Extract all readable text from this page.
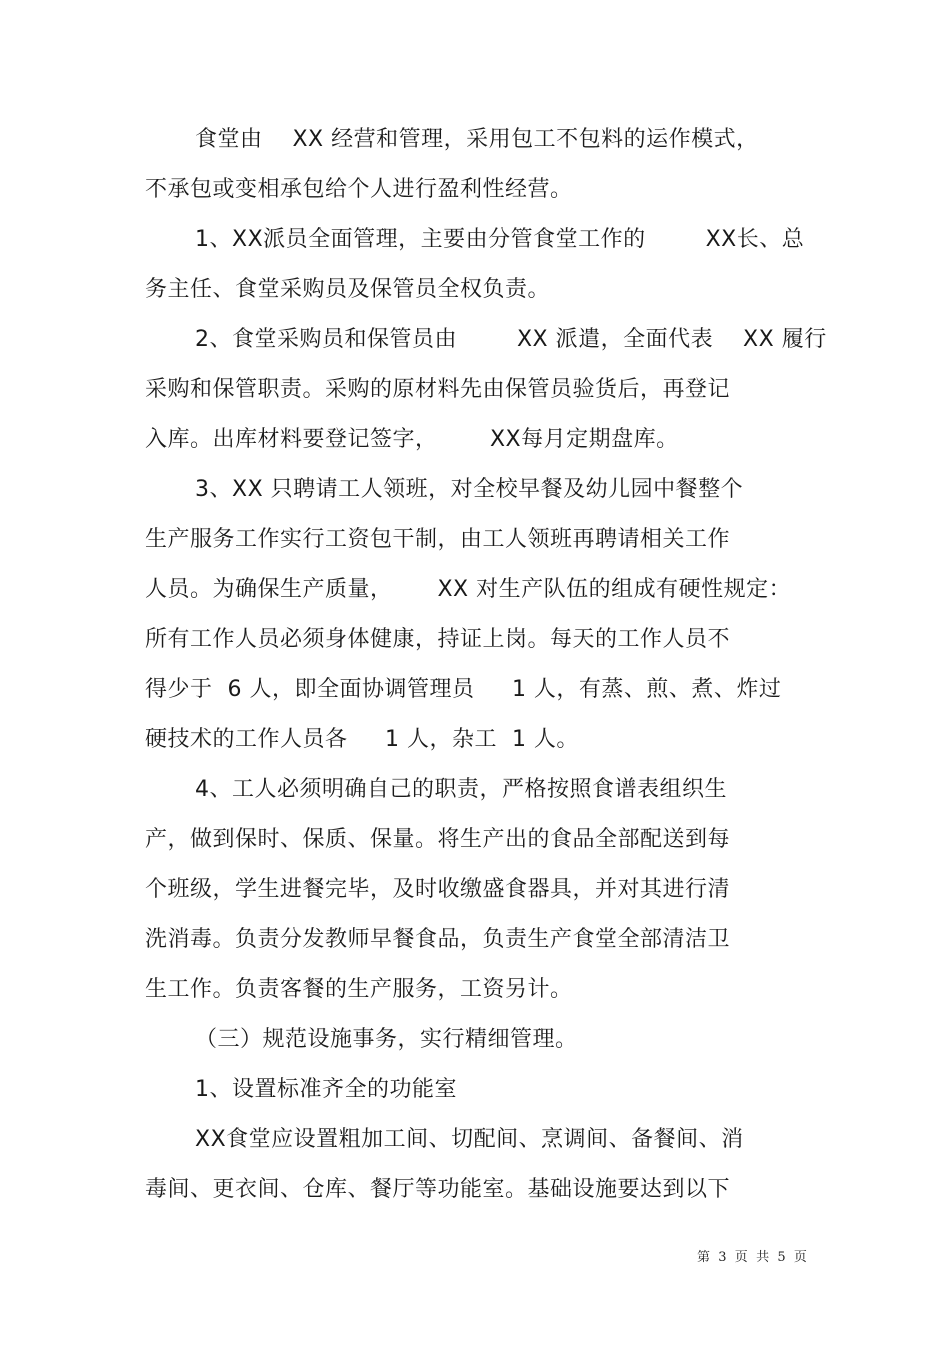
食堂由    XX 经营和管理，采用包工不包料的运作模式，
不承包或变相承包给个人进行盈利性经营。
1、XX派员全面管理，主要由分管食堂工作的        XX长、总
务主任、食堂采购员及保管员全权负责。
2、食堂采购员和保管员由        XX 派遣，全面代表    XX 履行
采购和保管职责。采购的原材料先由保管员验货后，再登记
入库。出库材料要登记签字，       XX每月定期盘库。
3、XX 只聘请工人领班，对全校早餐及幼儿园中餐整个
生产服务工作实行工资包干制，由工人领班再聘请相关工作
人员。为确保生产质量，      XX 对生产队伍的组成有硬性规定：
所有工作人员必须身体健康，持证上岗。每天的工作人员不
得少于  6 人，即全面协调管理员     1 人，有蒸、煎、煮、炸过
硬技术的工作人员各     1 人，杂工  1 人。
4、工人必须明确自己的职责，严格按照食谱表组织生
产，做到保时、保质、保量。将生产出的食品全部配送到每
个班级，学生进餐完毕，及时收缴盛食器具，并对其进行清
洗消毒。负责分发教师早餐食品，负责生产食堂全部清洁卫
生工作。负责客餐的生产服务，工资另计。
（三）规范设施事务，实行精细管理。
1、设置标准齐全的功能室
XX食堂应设置粗加工间、切配间、烹调间、备餐间、消
毒间、更衣间、仓库、餐厅等功能室。基础设施要达到以下
第  3  页  共  5  页
